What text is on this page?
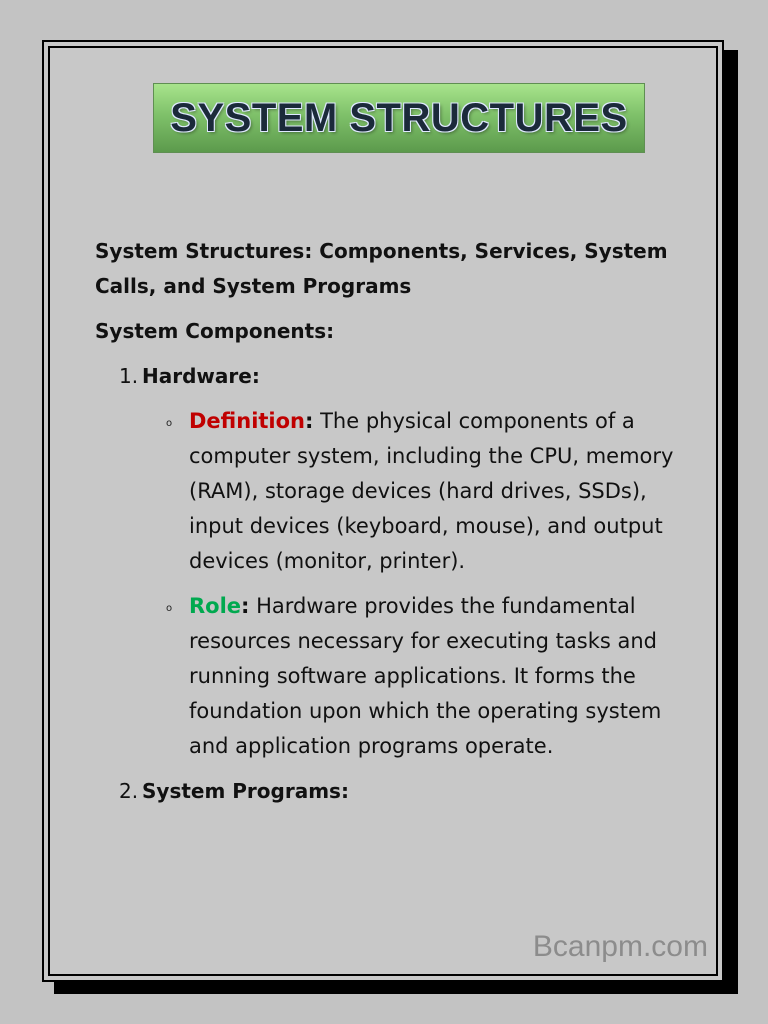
SYSTEM STRUCTURES

System Structures: Components, Services, System Calls, and System Programs

System Components:
1. Hardware:
o Definition: The physical components of a computer system, including the CPU, memory (RAM), storage devices (hard drives, SSDs), input devices (keyboard, mouse), and output devices (monitor, printer).
o Role: Hardware provides the fundamental resources necessary for executing tasks and running software applications. It forms the foundation upon which the operating system and application programs operate.
2. System Programs:
Bcanpm.com
